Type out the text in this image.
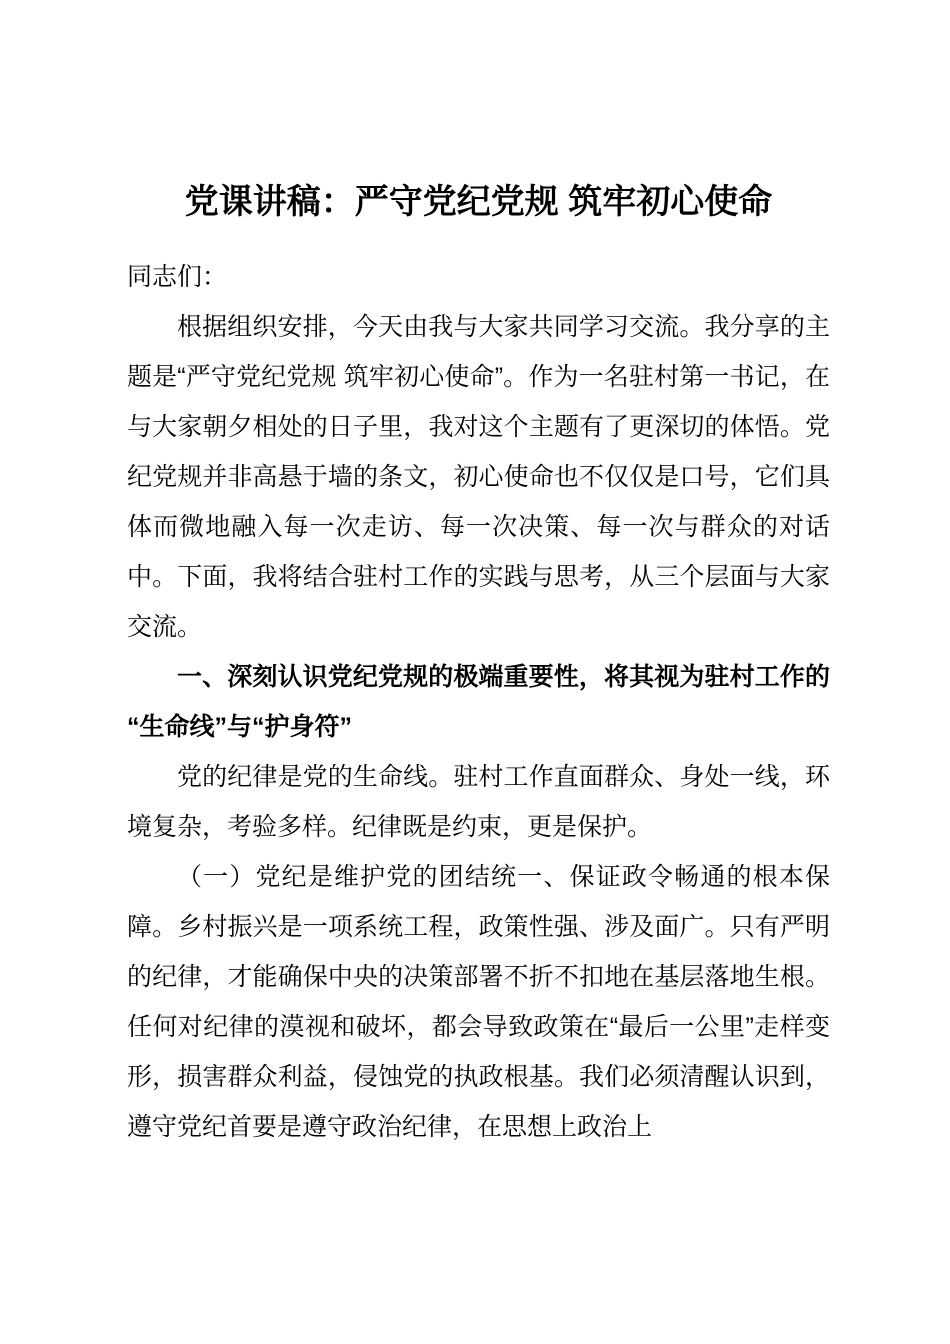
党课讲稿：严守党纪党规 筑牢初心使命

同志们：

根据组织安排，今天由我与大家共同学习交流。我分享的主题是“严守党纪党规 筑牢初心使命”。作为一名驻村第一书记，在与大家朝夕相处的日子里，我对这个主题有了更深切的体悟。党纪党规并非高悬于墙的条文，初心使命也不仅仅是口号，它们具体而微地融入每一次走访、每一次决策、每一次与群众的对话中。下面，我将结合驻村工作的实践与思考，从三个层面与大家交流。

一、深刻认识党纪党规的极端重要性，将其视为驻村工作的“生命线”与“护身符”

党的纪律是党的生命线。驻村工作直面群众、身处一线，环境复杂，考验多样。纪律既是约束，更是保护。

（一）党纪是维护党的团结统一、保证政令畅通的根本保障。乡村振兴是一项系统工程，政策性强、涉及面广。只有严明的纪律，才能确保中央的决策部署不折不扣地在基层落地生根。任何对纪律的漠视和破坏，都会导致政策在“最后一公里”走样变形，损害群众利益，侵蚀党的执政根基。我们必须清醒认识到，遵守党纪首要是遵守政治纪律，在思想上政治上
